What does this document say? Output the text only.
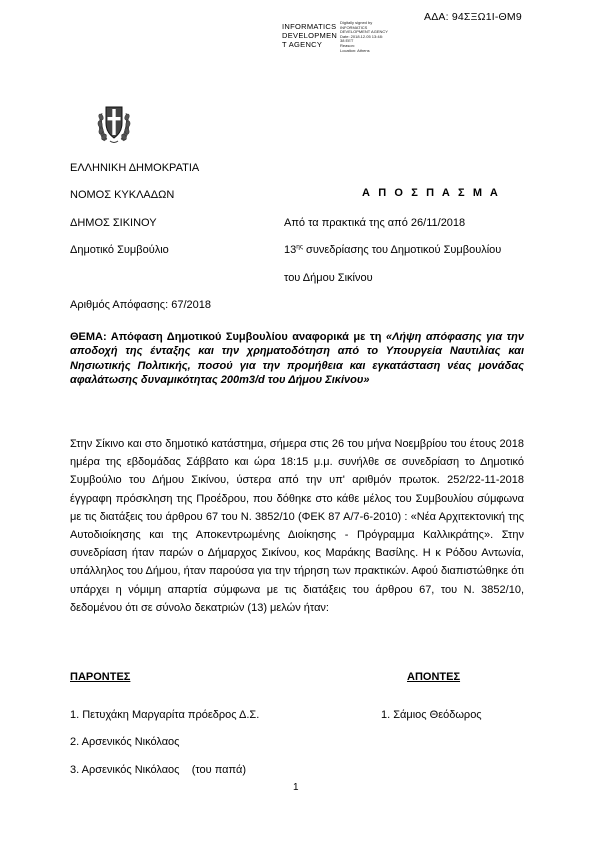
ΑΔΑ: 94ΣΞΩ1Ι-ΘΜ9
INFORMATICS
DEVELOPMEN
T AGENCY
Digitally signed by
INFORMATICS
DEVELOPMENT AGENCY
Date: 2018.12.05 13:48:
38 EET
Reason:
Location: Athens
ΕΛΛΗΝΙΚΗ ΔΗΜΟΚΡΑΤΙΑ
ΝΟΜΟΣ ΚΥΚΛΑΔΩΝ
ΔΗΜΟΣ ΣΙΚΙΝΟΥ
Δημοτικό Συμβούλιο
Αριθμός Απόφασης: 67/2018
Α Π Ο Σ Π Α Σ Μ Α
Από τα πρακτικά της από 26/11/2018
$13^{\eta\varsigma}$ συνεδρίασης του Δημοτικού Συμβουλίου
του Δήμου Σικίνου
ΘΕΜΑ: Απόφαση Δημοτικού Συμβουλίου αναφορικά με τη «Λήψη απόφασης για την αποδοχή της ένταξης και την χρηματοδότηση από το Υπουργεία Ναυτιλίας και Νησιωτικής Πολιτικής, ποσού για την προμήθεια και εγκατάσταση νέας μονάδας αφαλάτωσης δυναμικότητας 200m3/d του Δήμου Σικίνου»
Στην Σίκινο και στο δημοτικό κατάστημα, σήμερα στις 26 του μήνα Νοεμβρίου του έτους 2018 ημέρα της εβδομάδας Σάββατο και ώρα 18:15 μ.μ. συνήλθε σε συνεδρίαση το Δημοτικό Συμβούλιο του Δήμου Σικίνου, ύστερα από την υπ' αριθμόν πρωτοκ. 252/22-11-2018 έγγραφη πρόσκληση της Προέδρου, που δόθηκε στο κάθε μέλος του Συμβουλίου σύμφωνα με τις διατάξεις του άρθρου 67 του Ν. 3852/10 (ΦΕΚ 87 Α/7-6-2010) : «Νέα Αρχιτεκτονική της Αυτοδιοίκησης και της Αποκεντρωμένης Διοίκησης - Πρόγραμμα Καλλικράτης». Στην συνεδρίαση ήταν παρών ο Δήμαρχος Σικίνου, κος Μαράκης Βασίλης. Η κ Ρόδου Αντωνία, υπάλληλος του Δήμου, ήταν παρούσα για την τήρηση των πρακτικών. Αφού διαπιστώθηκε ότι υπάρχει η νόμιμη απαρτία σύμφωνα με τις διατάξεις του άρθρου 67, του Ν. 3852/10, δεδομένου ότι σε σύνολο δεκατριών (13) μελών ήταν:
ΠΑΡΟΝΤΕΣ	ΑΠΟΝΤΕΣ
1. Πετυχάκη Μαργαρίτα πρόεδρος Δ.Σ.
2. Αρσενικός Νικόλαος
3. Αρσενικός Νικόλαος    (του παπά)
1. Σάμιος Θεόδωρος
1
